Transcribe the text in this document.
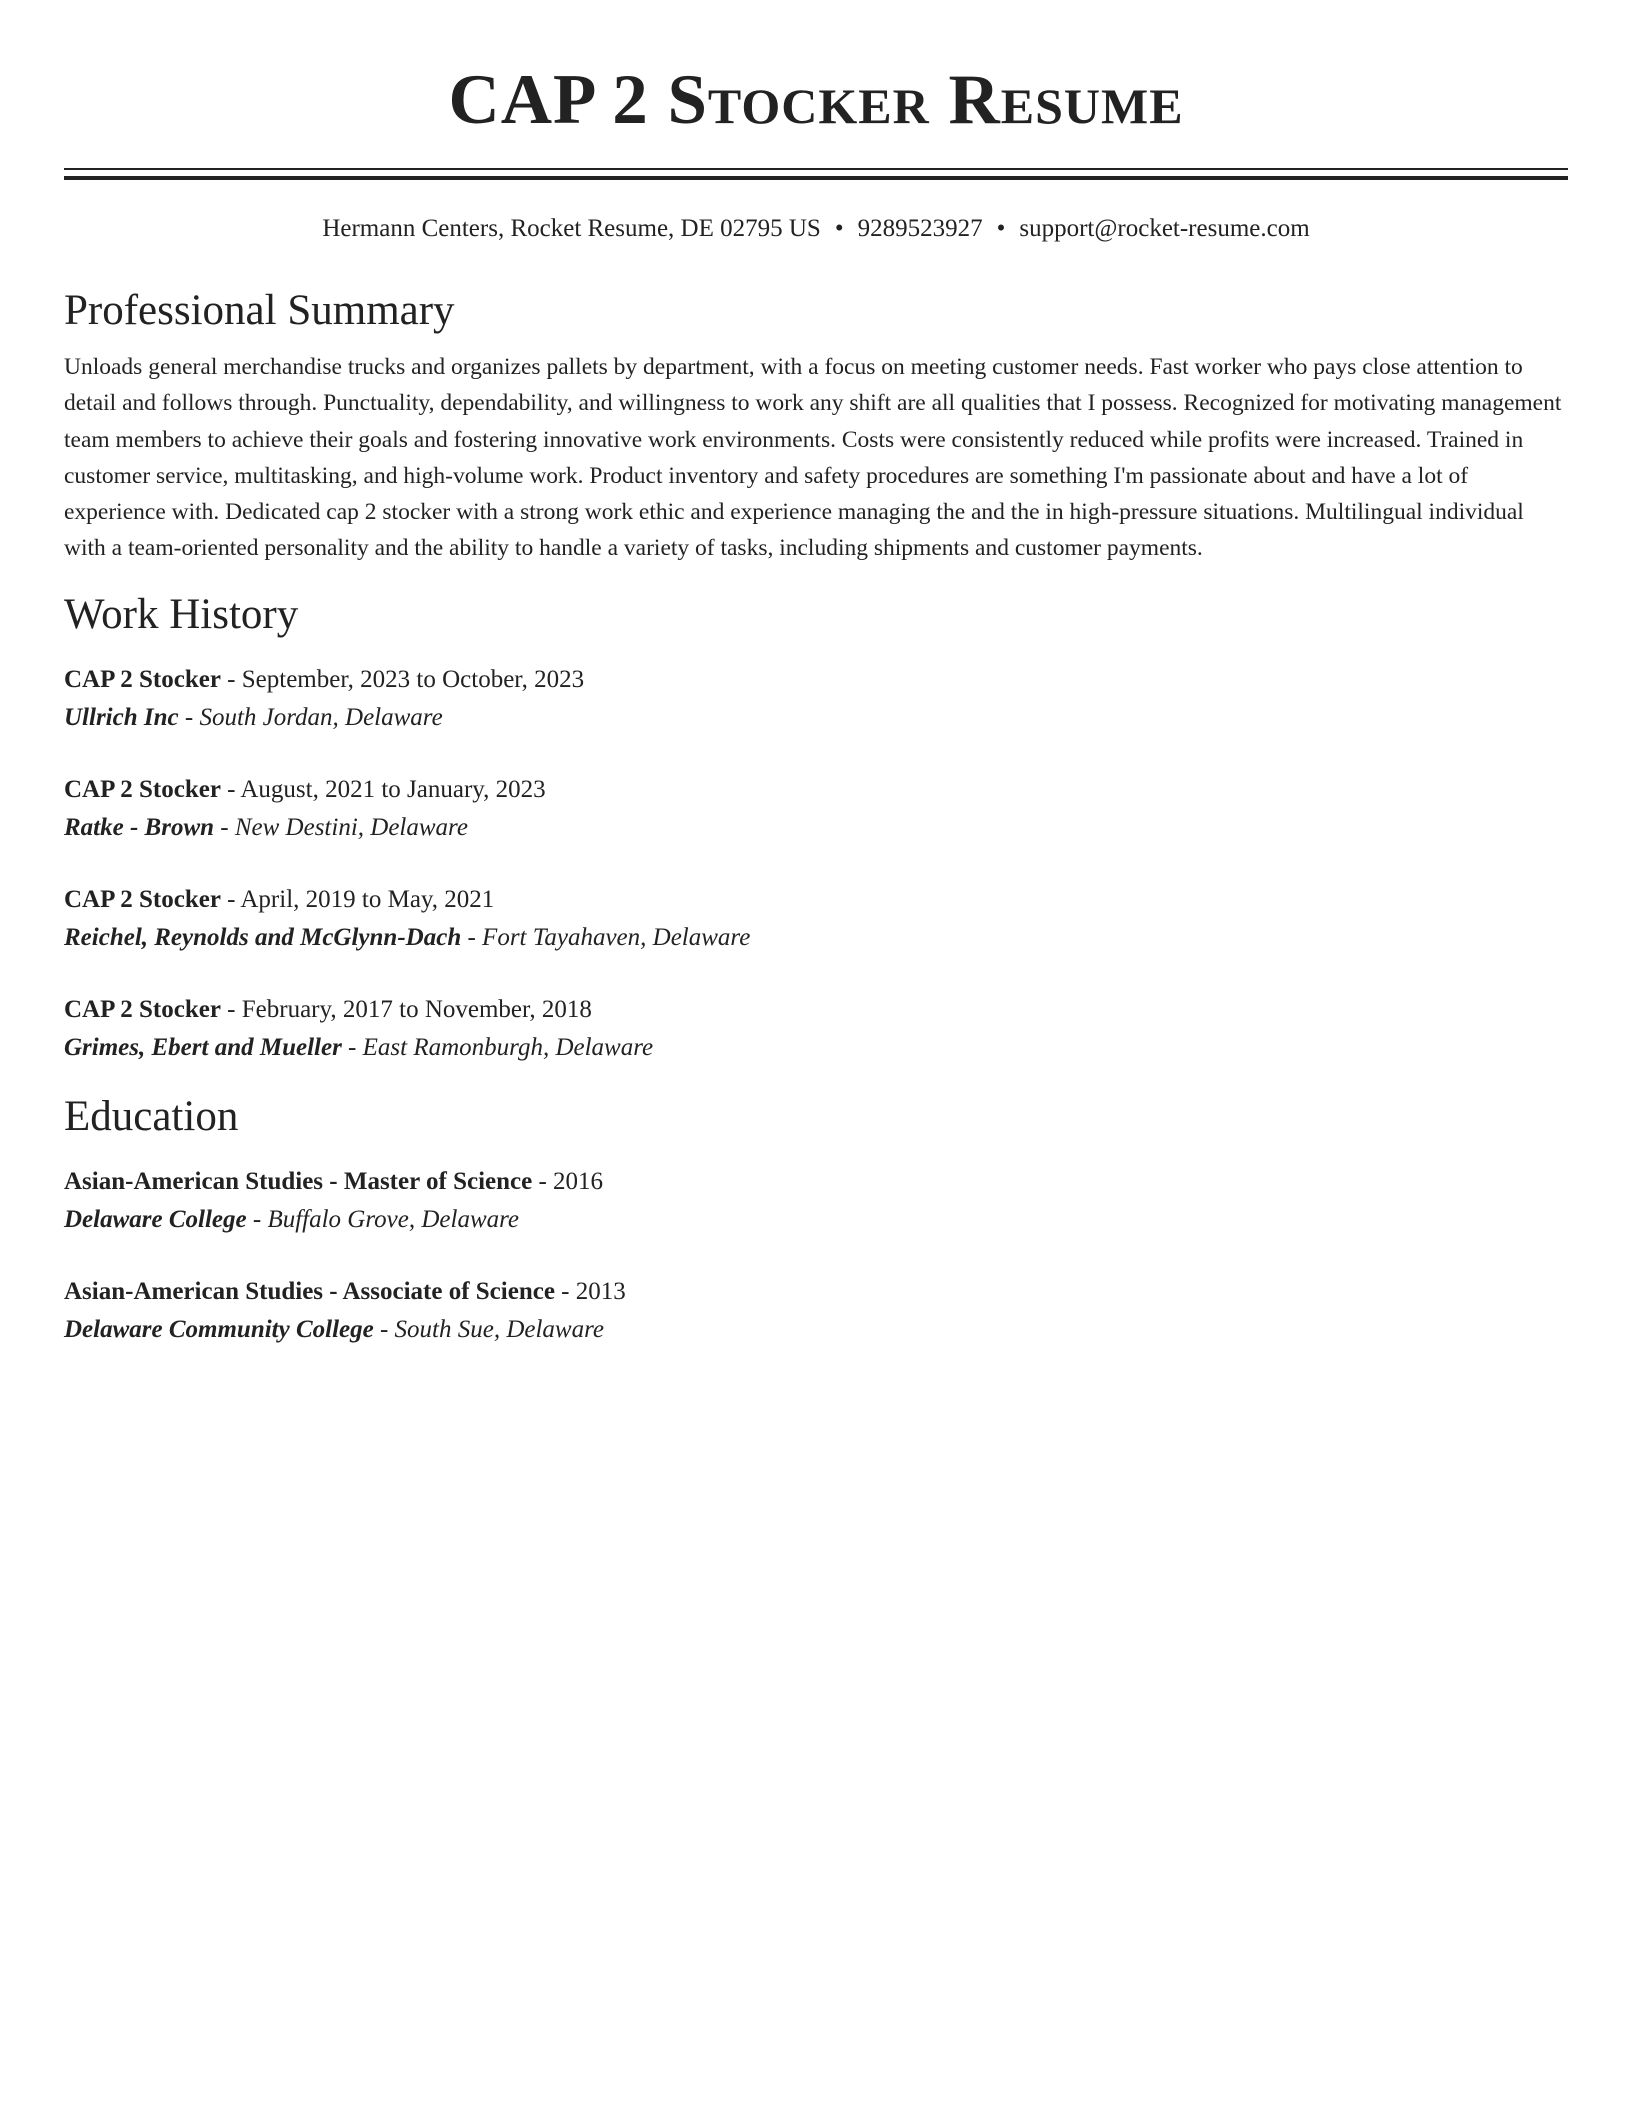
CAP 2 Stocker Resume
Hermann Centers, Rocket Resume, DE 02795 US • 9289523927 • support@rocket-resume.com
Professional Summary

Unloads general merchandise trucks and organizes pallets by department, with a focus on meeting customer needs. Fast worker who pays close attention to detail and follows through. Punctuality, dependability, and willingness to work any shift are all qualities that I possess. Recognized for motivating management team members to achieve their goals and fostering innovative work environments. Costs were consistently reduced while profits were increased. Trained in customer service, multitasking, and high-volume work. Product inventory and safety procedures are something I'm passionate about and have a lot of experience with. Dedicated cap 2 stocker with a strong work ethic and experience managing the and the in high-pressure situations. Multilingual individual with a team-oriented personality and the ability to handle a variety of tasks, including shipments and customer payments.

Work History
CAP 2 Stocker - September, 2023 to October, 2023
Ullrich Inc - South Jordan, Delaware
CAP 2 Stocker - August, 2021 to January, 2023
Ratke - Brown - New Destini, Delaware
CAP 2 Stocker - April, 2019 to May, 2021
Reichel, Reynolds and McGlynn-Dach - Fort Tayahaven, Delaware
CAP 2 Stocker - February, 2017 to November, 2018
Grimes, Ebert and Mueller - East Ramonburgh, Delaware
Education
Asian-American Studies - Master of Science - 2016
Delaware College - Buffalo Grove, Delaware
Asian-American Studies - Associate of Science - 2013
Delaware Community College - South Sue, Delaware
